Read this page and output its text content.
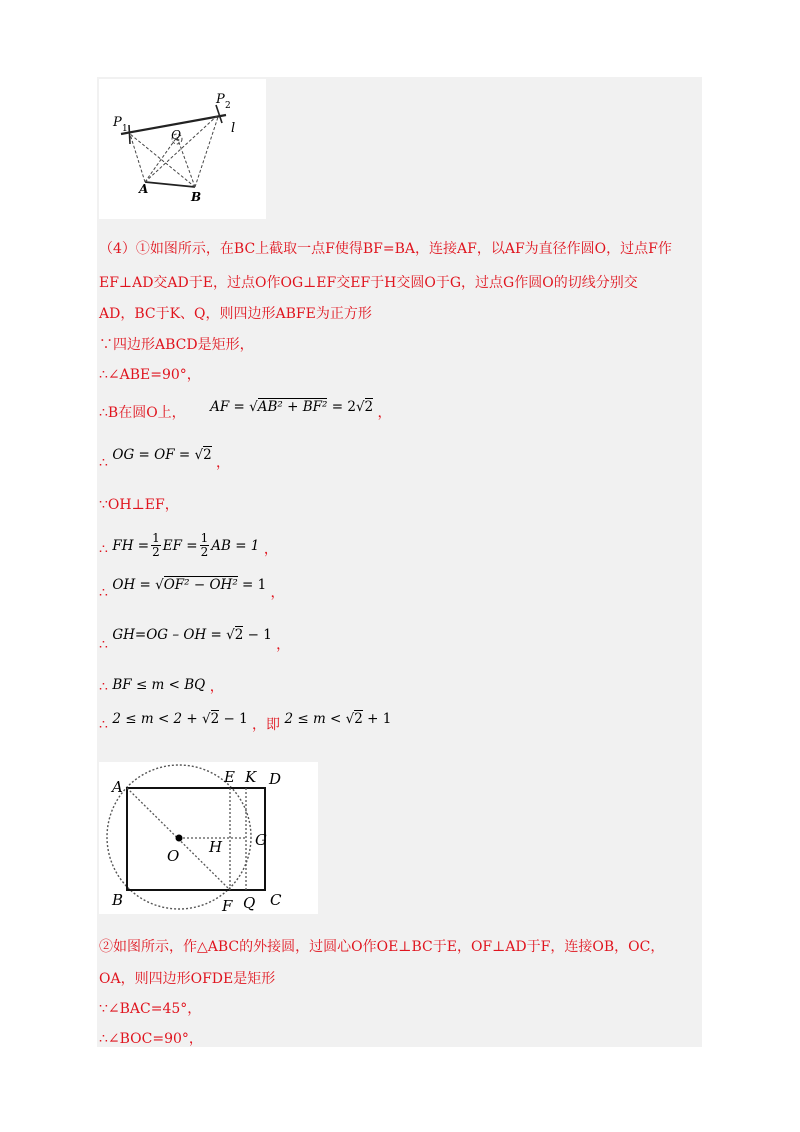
P 1
P 2
l
Q
A
B
（4）①如图所示，在BC上截取一点F使得BF=BA，连接AF，以AF为直径作圆O，过点F作
EF⊥AD交AD于E，过点O作OG⊥EF交EF于H交圆O于G，过点G作圆O的切线分别交
AD，BC于K、Q，则四边形ABFE为正方形
∵四边形ABCD是矩形，
∴∠ABE=90°，
∴B在圆O上， AF = √AB² + BF² = 2√2 ，
∴ OG = OF = √2 ，
∵OH⊥EF，
∴ FH = $\frac{1}{2}$ EF = $\frac{1}{2}$ AB = 1 ，
∴ OH = √OF² − OH² = 1 ，
∴ GH=OG – OH = √2 − 1 ，
∴ BF ≤ m < BQ ，
∴ 2 ≤ m < 2 + √2 − 1 ，即 2 ≤ m < √2 + 1
A
E K D
G
O H
B	F Q C
②如图所示，作△ABC的外接圆，过圆心O作OE⊥BC于E，OF⊥AD于F，连接OB，OC，
OA，则四边形OFDE是矩形
∵∠BAC=45°，
∴∠BOC=90°，
